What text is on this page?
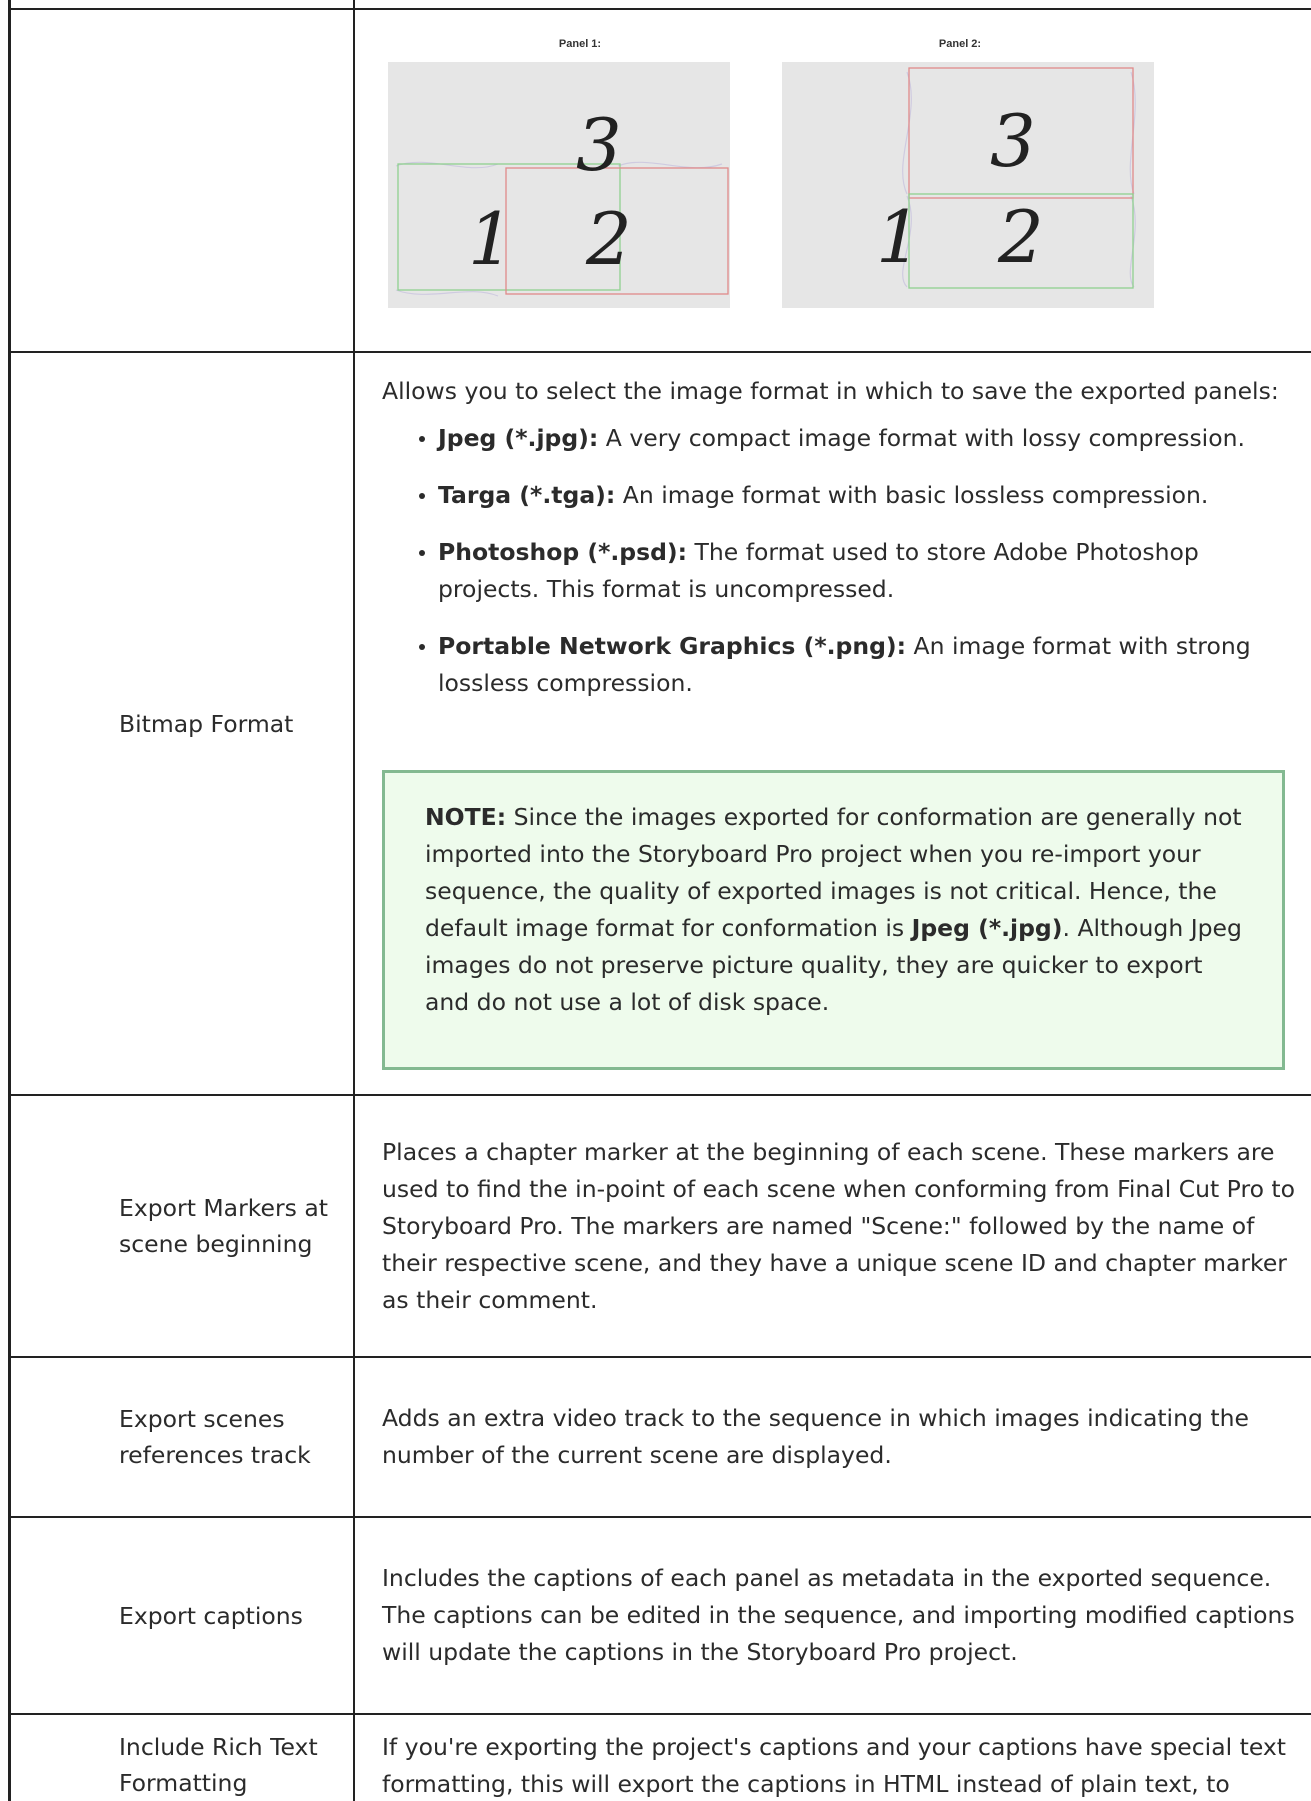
Panel 1:	Panel 2:
3
1 2
3
1 2
Bitmap Format

Allows you to select the image format in which to save the exported panels:

Jpeg (*.jpg): A very compact image format with lossy compression.
Targa (*.tga): An image format with basic lossless compression.
Photoshop (*.psd): The format used to store Adobe Photoshop projects. This format is uncompressed.
Portable Network Graphics (*.png): An image format with strong lossless compression.
NOTE: Since the images exported for conformation are generally not imported into the Storyboard Pro project when you re-import your sequence, the quality of exported images is not critical. Hence, the default image format for conformation is Jpeg (*.jpg). Although Jpeg images do not preserve picture quality, they are quicker to export and do not use a lot of disk space.
Export Markers at scene beginning

Places a chapter marker at the beginning of each scene. These markers are used to find the in-point of each scene when conforming from Final Cut Pro to Storyboard Pro. The markers are named "Scene:" followed by the name of their respective scene, and they have a unique scene ID and chapter marker as their comment.

Export scenes references track

Adds an extra video track to the sequence in which images indicating the number of the current scene are displayed.

Export captions

Includes the captions of each panel as metadata in the exported sequence. The captions can be edited in the sequence, and importing modified captions will update the captions in the Storyboard Pro project.

Include Rich Text Formatting

If you're exporting the project's captions and your captions have special text formatting, this will export the captions in HTML instead of plain text, to
